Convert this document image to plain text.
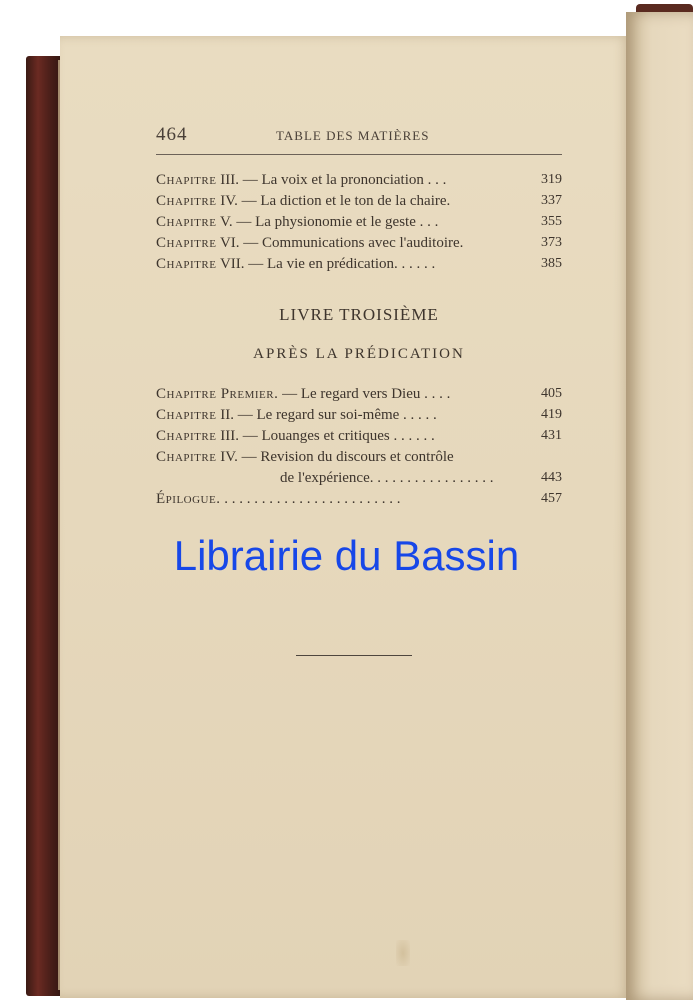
464	TABLE DES MATIÈRES
Chapitre III. — La voix et la prononciation . . .	319
Chapitre IV. — La diction et le ton de la chaire.	337
Chapitre V. — La physionomie et le geste . . .	355
Chapitre VI. — Communications avec l'auditoire.	373
Chapitre VII. — La vie en prédication. . . . . .	385
LIVRE TROISIÈME
APRÈS LA PRÉDICATION
Chapitre Premier. — Le regard vers Dieu . . . .	405
Chapitre II. — Le regard sur soi-même . . . . .	419
Chapitre III. — Louanges et critiques . . . . . .	431
Chapitre IV. — Revision du discours et contrôle
de l'expérience. . . . . . . . . . . . . . . . .	443
Épilogue. . . . . . . . . . . . . . . . . . . . . . . . .	457
Librairie du Bassin
